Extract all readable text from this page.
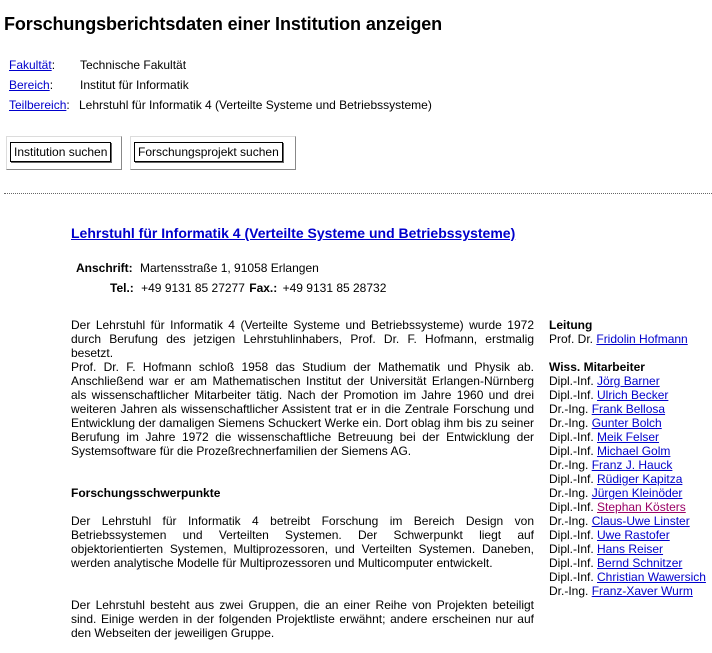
Forschungsberichtsdaten einer Institution anzeigen
Fakultät: Technische Fakultät
Bereich: Institut für Informatik
Teilbereich: Lehrstuhl für Informatik 4 (Verteilte Systeme und Betriebssysteme)
Institution suchen	Forschungsprojekt suchen
Lehrstuhl für Informatik 4 (Verteilte Systeme und Betriebssysteme)
Anschrift: Martensstraße 1, 91058 Erlangen
Tel.: +49 9131 85 27277 Fax.: +49 9131 85 28732

Der Lehrstuhl für Informatik 4 (Verteilte Systeme und Betriebssysteme) wurde 1972 durch Berufung des jetzigen Lehrstuhlinhabers, Prof. Dr. F. Hofmann, erstmalig besetzt.

Prof. Dr. F. Hofmann schloß 1958 das Studium der Mathematik und Physik ab. Anschließend war er am Mathematischen Institut der Universität Erlangen-Nürnberg als wissenschaftlicher Mitarbeiter tätig. Nach der Promotion im Jahre 1960 und drei weiteren Jahren als wissenschaftlicher Assistent trat er in die Zentrale Forschung und Entwicklung der damaligen Siemens Schuckert Werke ein. Dort oblag ihm bis zu seiner Berufung im Jahre 1972 die wissenschaftliche Betreuung bei der Entwicklung der Systemsoftware für die Prozeßrechnerfamilien der Siemens AG.

Forschungsschwerpunkte

Der Lehrstuhl für Informatik 4 betreibt Forschung im Bereich Design von Betriebssystemen und Verteilten Systemen. Der Schwerpunkt liegt auf objektorientierten Systemen, Multiprozessoren, und Verteilten Systemen. Daneben, werden analytische Modelle für Multiprozessoren und Multicomputer entwickelt.

Der Lehrstuhl besteht aus zwei Gruppen, die an einer Reihe von Projekten beteiligt sind. Einige werden in der folgenden Projektliste erwähnt; andere erscheinen nur auf den Webseiten der jeweiligen Gruppe.

Leitung
Prof. Dr. Fridolin Hofmann
Wiss. Mitarbeiter
Dipl.-Inf. Jörg Barner
Dipl.-Inf. Ulrich Becker
Dr.-Ing. Frank Bellosa
Dr.-Ing. Gunter Bolch
Dipl.-Inf. Meik Felser
Dipl.-Inf. Michael Golm
Dr.-Ing. Franz J. Hauck
Dipl.-Inf. Rüdiger Kapitza
Dr.-Ing. Jürgen Kleinöder
Dipl.-Inf. Stephan Kösters
Dr.-Ing. Claus-Uwe Linster
Dipl.-Inf. Uwe Rastofer
Dipl.-Inf. Hans Reiser
Dipl.-Inf. Bernd Schnitzer
Dipl.-Inf. Christian Wawersich
Dr.-Ing. Franz-Xaver Wurm
